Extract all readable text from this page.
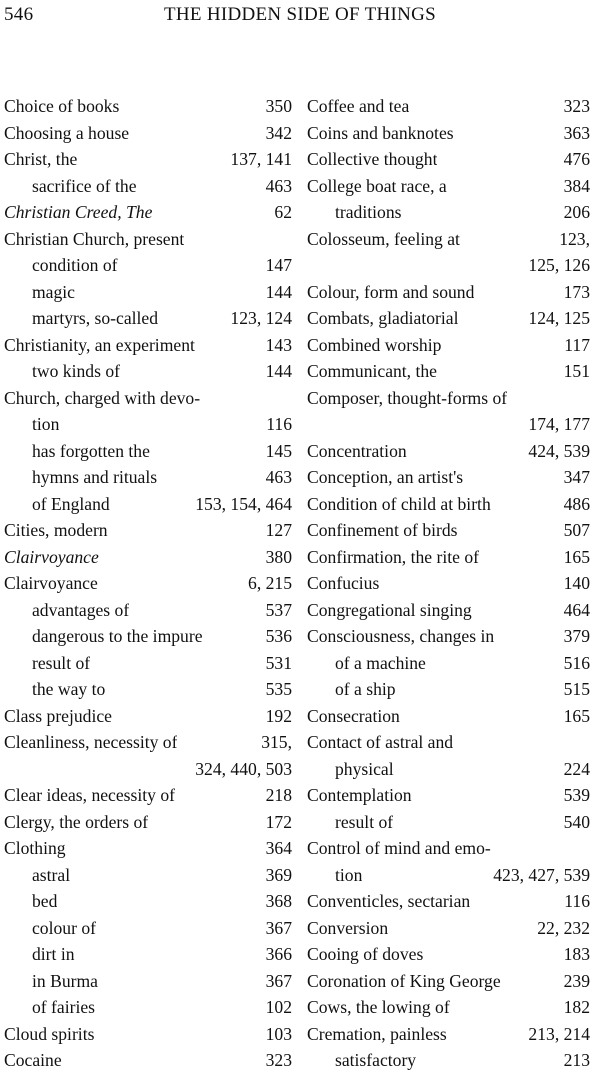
546	THE HIDDEN SIDE OF THINGS
Choice of books	350
Choosing a house	342
Christ, the	137, 141
sacrifice of the	463
Christian Creed, The	62
Christian Church, present
condition of	147
magic	144
martyrs, so-called	123, 124
Christianity, an experiment	143
two kinds of	144
Church, charged with devo-
tion	116
has forgotten the	145
hymns and rituals	463
of England	153, 154, 464
Cities, modern	127
Clairvoyance	380
Clairvoyance	6, 215
advantages of	537
dangerous to the impure	536
result of	531
the way to	535
Class prejudice	192
Cleanliness, necessity of	315,
324, 440, 503
Clear ideas, necessity of	218
Clergy, the orders of	172
Clothing	364
astral	369
bed	368
colour of	367
dirt in	366
in Burma	367
of fairies	102
Cloud spirits	103
Cocaine	323
Coffee and tea	323
Coins and banknotes	363
Collective thought	476
College boat race, a	384
traditions	206
Colosseum, feeling at	123,
125, 126
Colour, form and sound	173
Combats, gladiatorial	124, 125
Combined worship	117
Communicant, the	151
Composer, thought-forms of
174, 177
Concentration	424, 539
Conception, an artist's	347
Condition of child at birth	486
Confinement of birds	507
Confirmation, the rite of	165
Confucius	140
Congregational singing	464
Consciousness, changes in	379
of a machine	516
of a ship	515
Consecration	165
Contact of astral and
physical	224
Contemplation	539
result of	540
Control of mind and emo-
tion	423, 427, 539
Conventicles, sectarian	116
Conversion	22, 232
Cooing of doves	183
Coronation of King George	239
Cows, the lowing of	182
Cremation, painless	213, 214
satisfactory	213
